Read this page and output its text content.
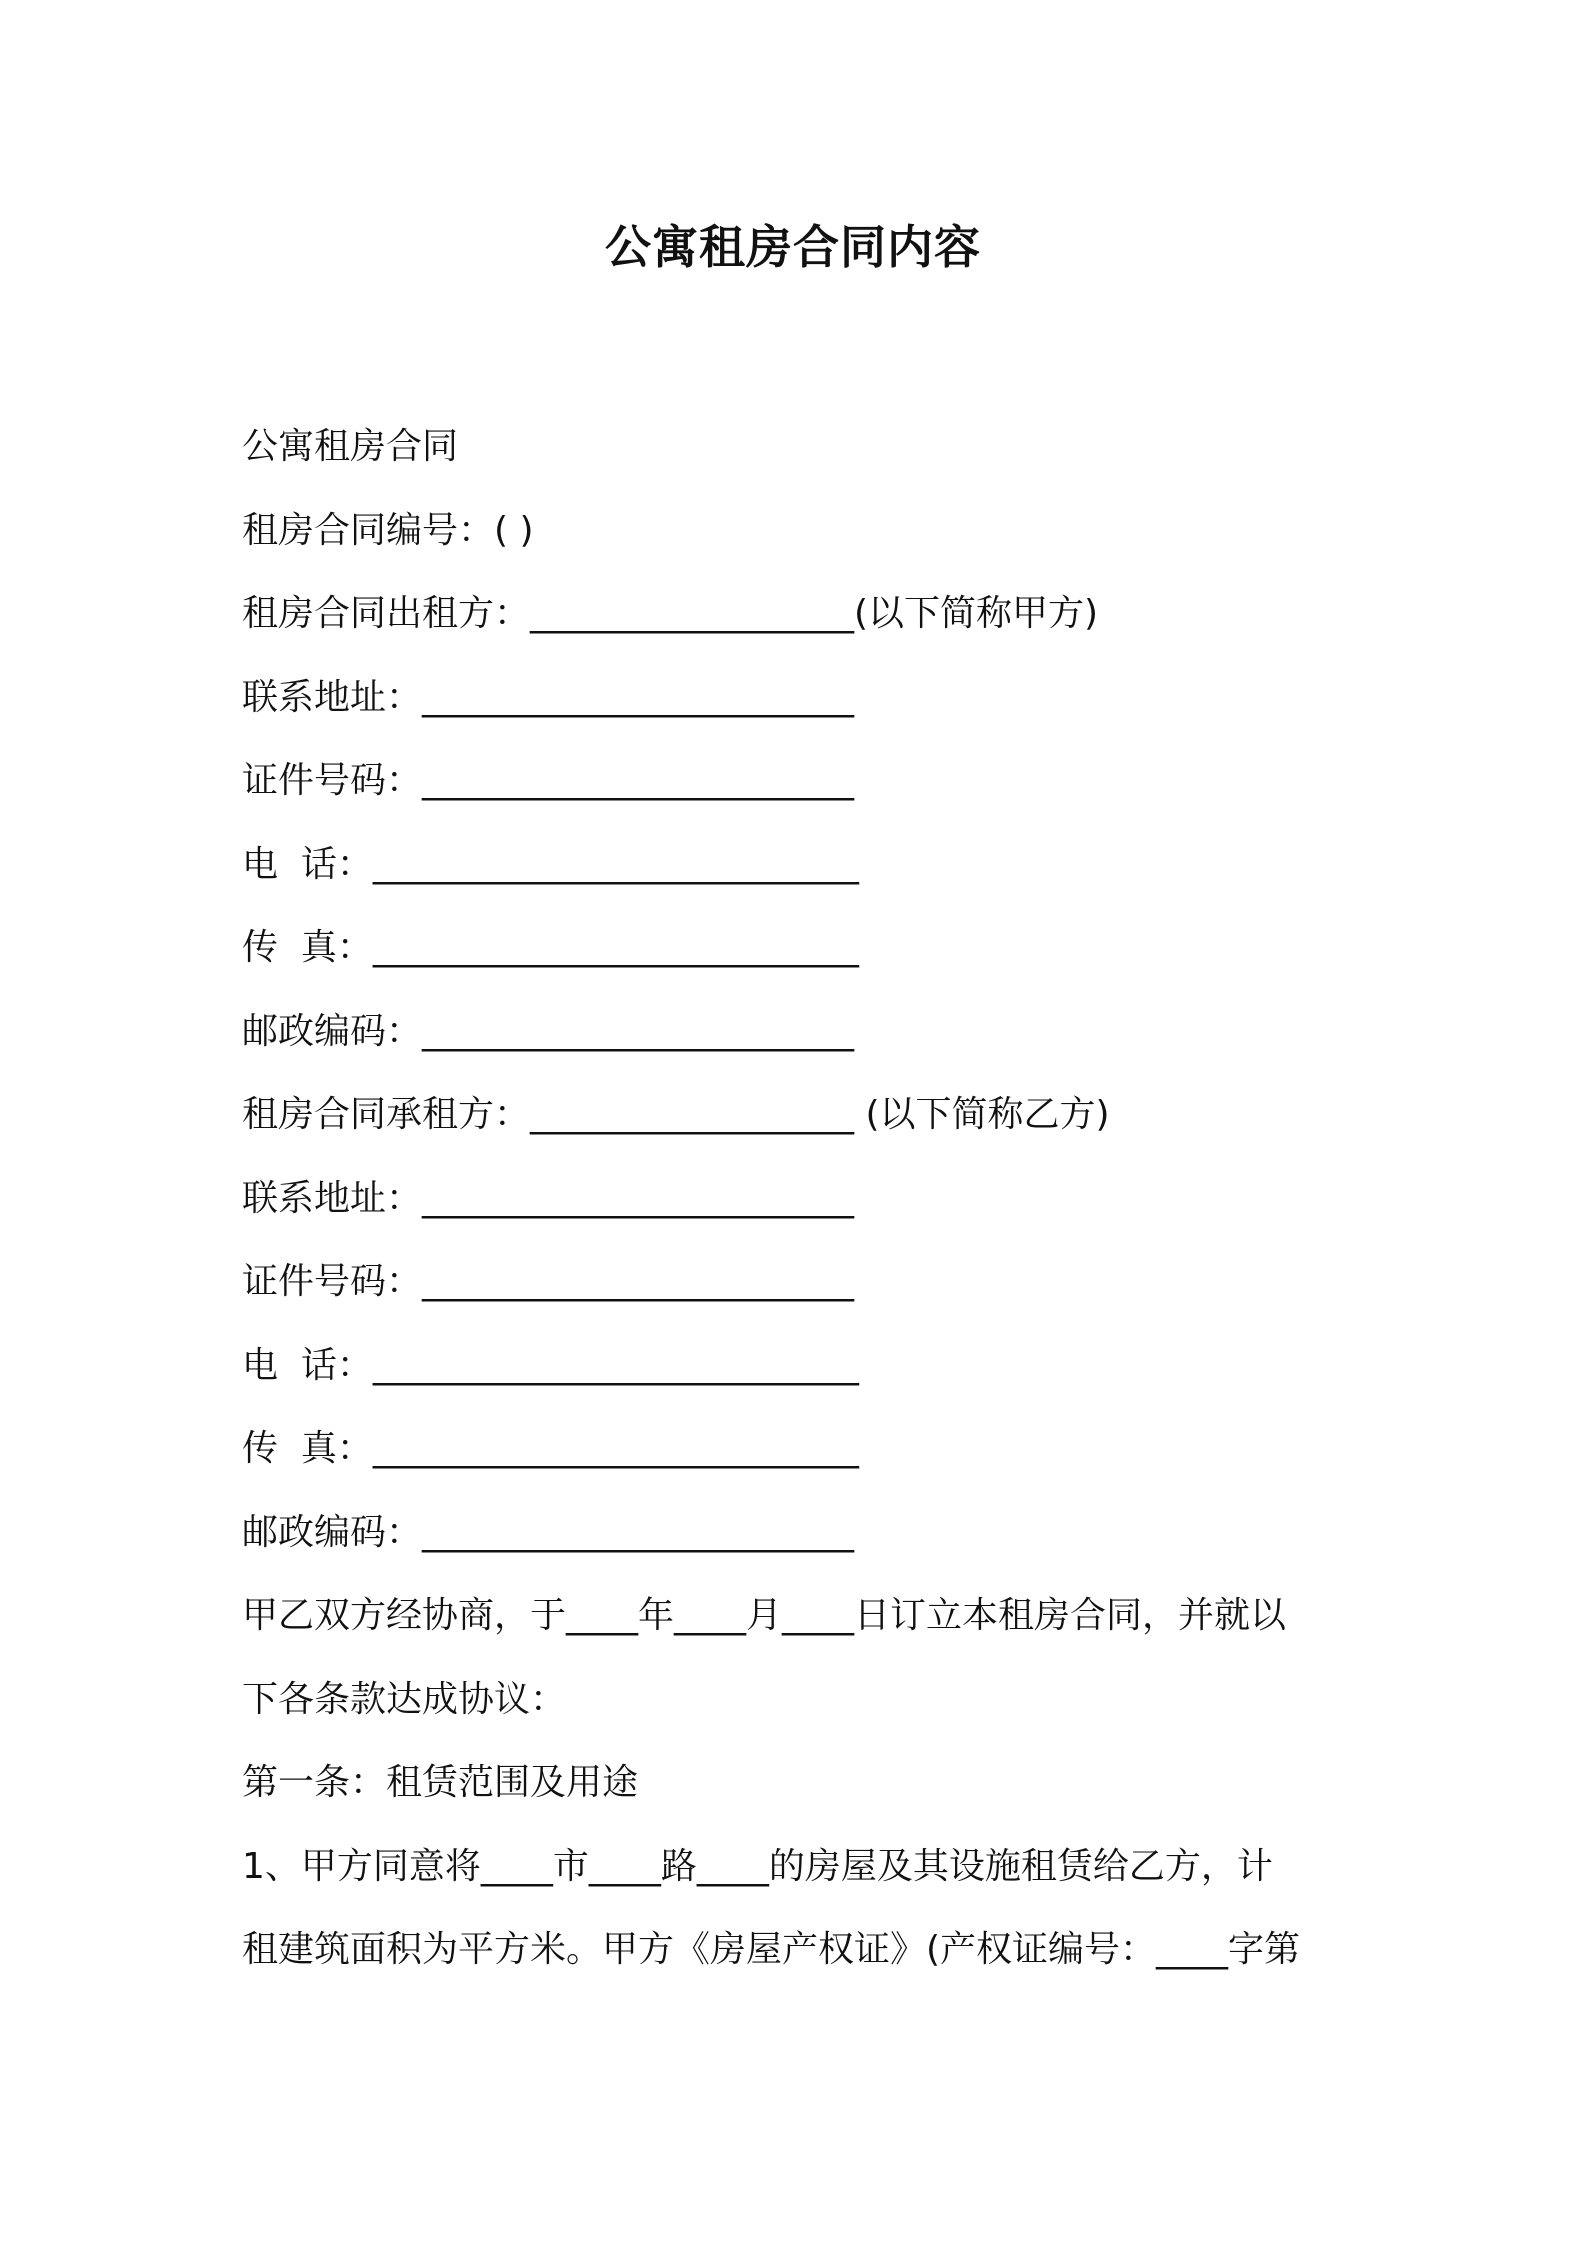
公寓租房合同内容
公寓租房合同
租房合同编号：( )
租房合同出租方：__________________(以下简称甲方)
联系地址：________________________
证件号码：________________________
电  话：___________________________
传  真：___________________________
邮政编码：________________________
租房合同承租方：__________________ (以下简称乙方)
联系地址：________________________
证件号码：________________________
电  话：___________________________
传  真：___________________________
邮政编码：________________________
甲乙双方经协商，于____年____月____日订立本租房合同，并就以
下各条款达成协议：
第一条：租赁范围及用途
1、甲方同意将____市____路____的房屋及其设施租赁给乙方，计
租建筑面积为平方米。甲方《房屋产权证》(产权证编号：____字第
